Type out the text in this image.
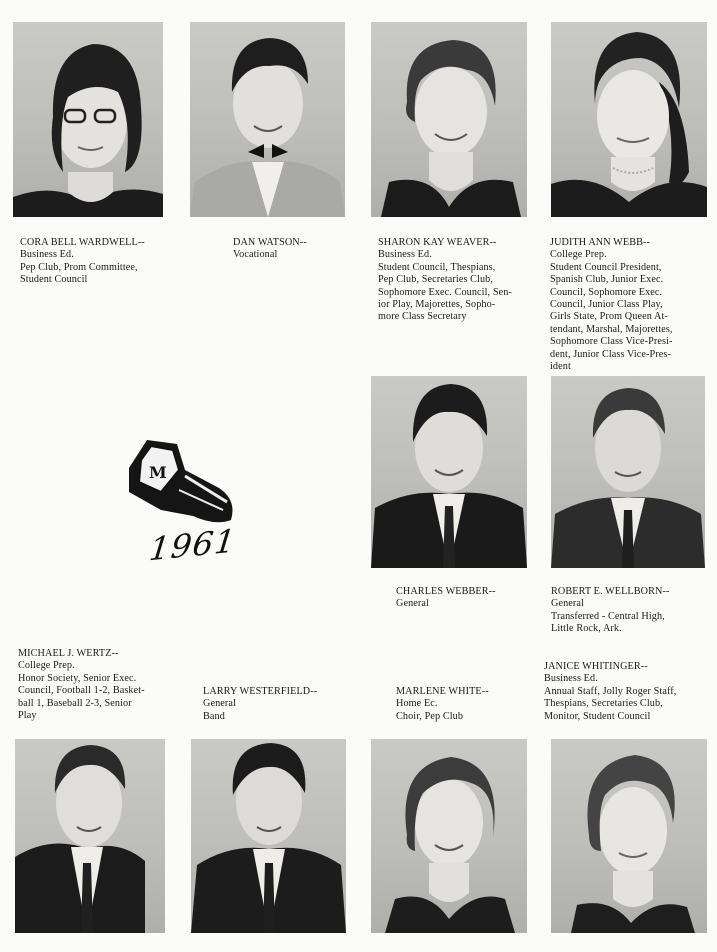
CORA BELL WARDWELL--
Business Ed.
Pep Club, Prom Committee,
Student Council
DAN WATSON--
Vocational
SHARON KAY WEAVER--
Business Ed.
Student Council, Thespians,
Pep Club, Secretaries Club,
Sophomore Exec. Council, Sen-
ior Play, Majorettes, Sopho-
more Class Secretary
JUDITH ANN WEBB--
College Prep.
Student Council President,
Spanish Club, Junior Exec.
Council, Sophomore Exec.
Council, Junior Class Play,
Girls State, Prom Queen At-
tendant, Marshal, Majorettes,
Sophomore Class Vice-Presi-
dent, Junior Class Vice-Pres-
ident
M
1961
CHARLES WEBBER--
General
ROBERT E. WELLBORN--
General
Transferred - Central High,
Little Rock, Ark.
MICHAEL J. WERTZ--
College Prep.
Honor Society, Senior Exec.
Council, Football 1-2, Basket-
ball 1, Baseball 2-3, Senior
Play
LARRY WESTERFIELD--
General
Band
MARLENE WHITE--
Home Ec.
Choir, Pep Club
JANICE WHITINGER--
Business Ed.
Annual Staff, Jolly Roger Staff,
Thespians, Secretaries Club,
Monitor, Student Council
